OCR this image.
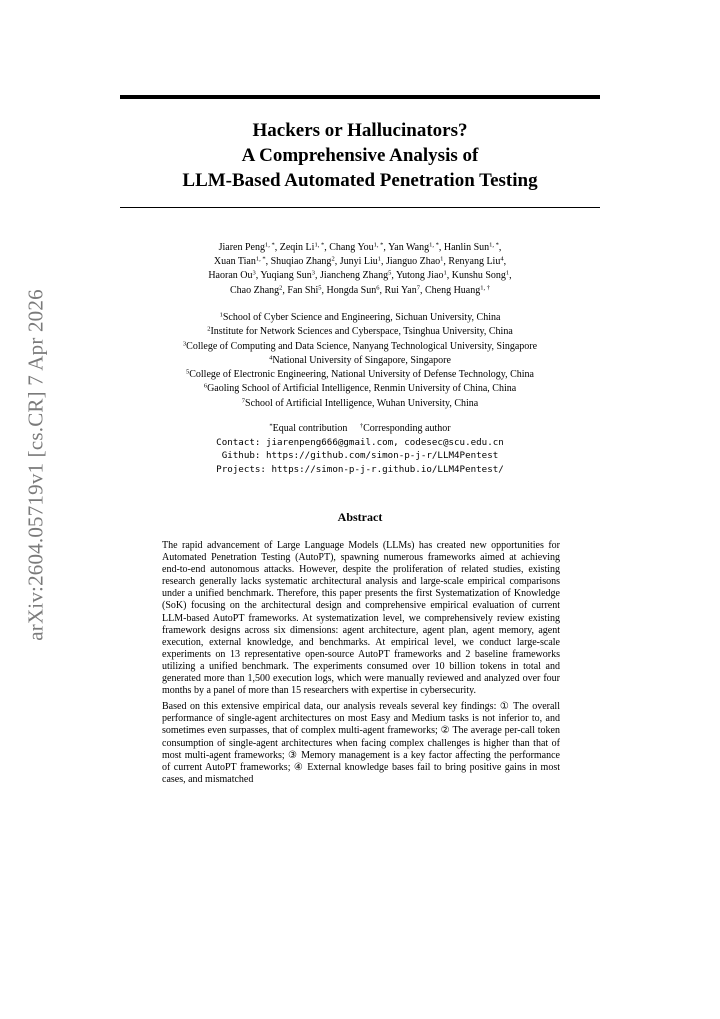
Hackers or Hallucinators?
A Comprehensive Analysis of
LLM-Based Automated Penetration Testing
arXiv:2604.05719v1 [cs.CR] 7 Apr 2026
Jiaren Peng$^{1, *}$, Zeqin $Li^{1, *}$, Chang You$^{1, *}$, Yan Wang$^{1, *}$, Hanlin Sun$^{1, *}$,
Xuan Tian$^{1, *}$, Shuqiao Zhang$^2$, Junyi Liu$^1$, Jianguo Zhao$^1$, Renyang Liu$^4$,
Haoran Ou$^3$, Yuqiang Sun$^3$, Jiancheng Zhang$^5$, Yutong Jiao$^1$, Kunshu Song$^1$,
Chao Zhang$^2$, Fan Shi$^5$, Hongda Sun$^6$, Rui Yan$^7$, Cheng Huang$^{1, \dagger}$
$^1$School of Cyber Science and Engineering, Sichuan University, China
$^2$Institute for Network Sciences and Cyberspace, Tsinghua University, China
$^3$College of Computing and Data Science, Nanyang Technological University, Singapore
$^4$National University of Singapore, Singapore
$^5$College of Electronic Engineering, National University of Defense Technology, China
$^6$Gaoling School of Artificial Intelligence, Renmin University of China, China
$^7$School of Artificial Intelligence, Wuhan University, China
*Equal contribution †Corresponding author
Contact: jiarenpeng666@gmail.com, codesec@scu.edu.cn
Github: https://github.com/simon-p-j-r/LLM4Pentest
Projects: https://simon-p-j-r.github.io/LLM4Pentest/
Abstract

The rapid advancement of Large Language Models (LLMs) has created new opportunities for Automated Penetration Testing (AutoPT), spawning numerous frameworks aimed at achieving end-to-end autonomous attacks. However, despite the proliferation of related studies, existing research generally lacks systematic architectural analysis and large-scale empirical comparisons under a unified benchmark. Therefore, this paper presents the first Systematization of Knowledge (SoK) focusing on the architectural design and comprehensive empirical evaluation of current LLM-based AutoPT frameworks. At systematization level, we comprehensively review existing framework designs across six dimensions: agent architecture, agent plan, agent memory, agent execution, external knowledge, and benchmarks. At empirical level, we conduct large-scale experiments on 13 representative open-source AutoPT frameworks and 2 baseline frameworks utilizing a unified benchmark. The experiments consumed over 10 billion tokens in total and generated more than 1,500 execution logs, which were manually reviewed and analyzed over four months by a panel of more than 15 researchers with expertise in cybersecurity.

Based on this extensive empirical data, our analysis reveals several key findings: ① The overall performance of single-agent architectures on most Easy and Medium tasks is not inferior to, and sometimes even surpasses, that of complex multi-agent frameworks; ② The average per-call token consumption of single-agent architectures when facing complex challenges is higher than that of most multi-agent frameworks; ③ Memory management is a key factor affecting the performance of current AutoPT frameworks; ④ External knowledge bases fail to bring positive gains in most cases, and mismatched
